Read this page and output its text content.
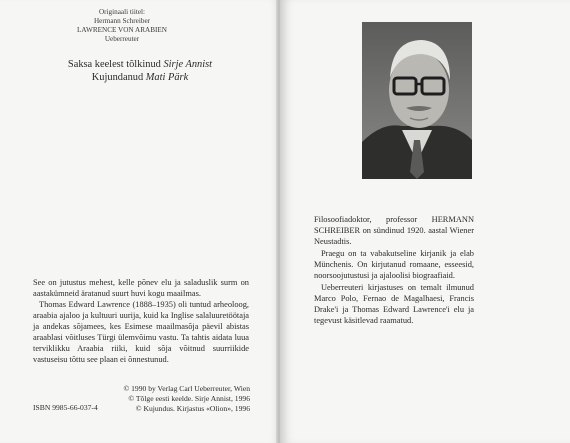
Originaali tiitel:
Hermann Schreiber
LAWRENCE VON ARABIEN
Ueberreuter
Saksa keelest tõlkinud Sirje Annist
Kujundanud Mati Pärk

See on jutustus mehest, kelle põnev elu ja saladuslik surm on aastakümneid äratanud suurt huvi kogu maailmas.

Thomas Edward Lawrence (1888–1935) oli tuntud arheoloog, araabia ajaloo ja kultuuri uurija, kuid ka Inglise salaluuretöötaja ja andekas sõjamees, kes Esimese maailmasõja päevil abistas araablasi võitluses Türgi ülemvõimu vastu. Ta tahtis aidata luua terviklikku Araabia riiki, kuid sõja võitnud suurriikide vastuseisu tõttu see plaan ei õnnestunud.

© 1990 by Verlag Carl Ueberreuter, Wien
© Tõlge eesti keelde. Sirje Annist, 1996
© Kujundus. Kirjastus «Olion», 1996
ISBN 9985-66-037-4

Filosoofiadoktor, professor HERMANN SCHREIBER on sündinud 1920. aastal Wiener Neustadtis.

Praegu on ta vabakutseline kirjanik ja elab Münchenis. On kirjutanud romaane, esseesid, noorsoojutustusi ja ajaloolisi biograafiaid.

Ueberreuteri kirjastuses on temalt ilmunud Marco Polo, Fernao de Magalhaesi, Francis Drake'i ja Thomas Edward Lawrence'i elu ja tegevust käsitlevad raamatud.
